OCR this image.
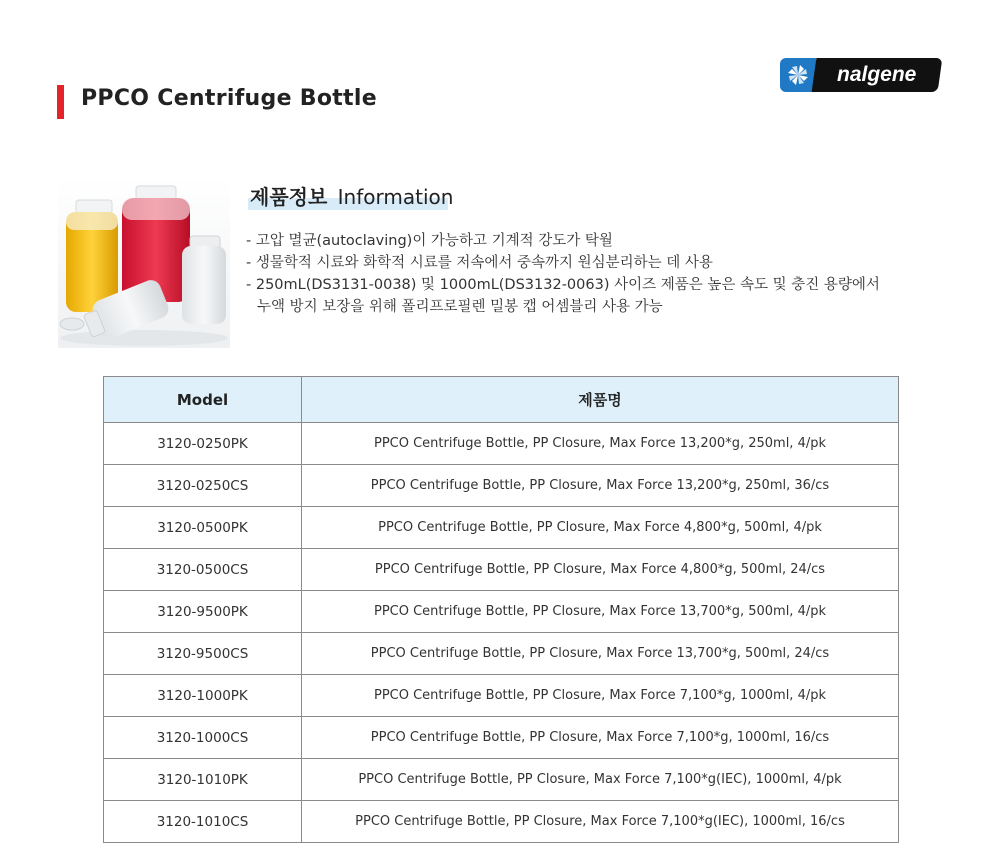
PPCO Centrifuge Bottle
nalgene
제품정보 Information
- 고압 멸균(autoclaving)이 가능하고 기계적 강도가 탁월
- 생물학적 시료와 화학적 시료를 저속에서 중속까지 원심분리하는 데 사용
- 250mL(DS3131-0038) 및 1000mL(DS3132-0063) 사이즈 제품은 높은 속도 및 충진 용량에서
누액 방지 보장을 위해 폴리프로필렌 밀봉 캡 어셈블리 사용 가능
Model	제품명
3120-0250PK	PPCO Centrifuge Bottle, PP Closure, Max Force 13,200*g, 250ml, 4/pk
3120-0250CS	PPCO Centrifuge Bottle, PP Closure, Max Force 13,200*g, 250ml, 36/cs
3120-0500PK	PPCO Centrifuge Bottle, PP Closure, Max Force 4,800*g, 500ml, 4/pk
3120-0500CS	PPCO Centrifuge Bottle, PP Closure, Max Force 4,800*g, 500ml, 24/cs
3120-9500PK	PPCO Centrifuge Bottle, PP Closure, Max Force 13,700*g, 500ml, 4/pk
3120-9500CS	PPCO Centrifuge Bottle, PP Closure, Max Force 13,700*g, 500ml, 24/cs
3120-1000PK	PPCO Centrifuge Bottle, PP Closure, Max Force 7,100*g, 1000ml, 4/pk
3120-1000CS	PPCO Centrifuge Bottle, PP Closure, Max Force 7,100*g, 1000ml, 16/cs
3120-1010PK	PPCO Centrifuge Bottle, PP Closure, Max Force 7,100*g(IEC), 1000ml, 4/pk
3120-1010CS	PPCO Centrifuge Bottle, PP Closure, Max Force 7,100*g(IEC), 1000ml, 16/cs
